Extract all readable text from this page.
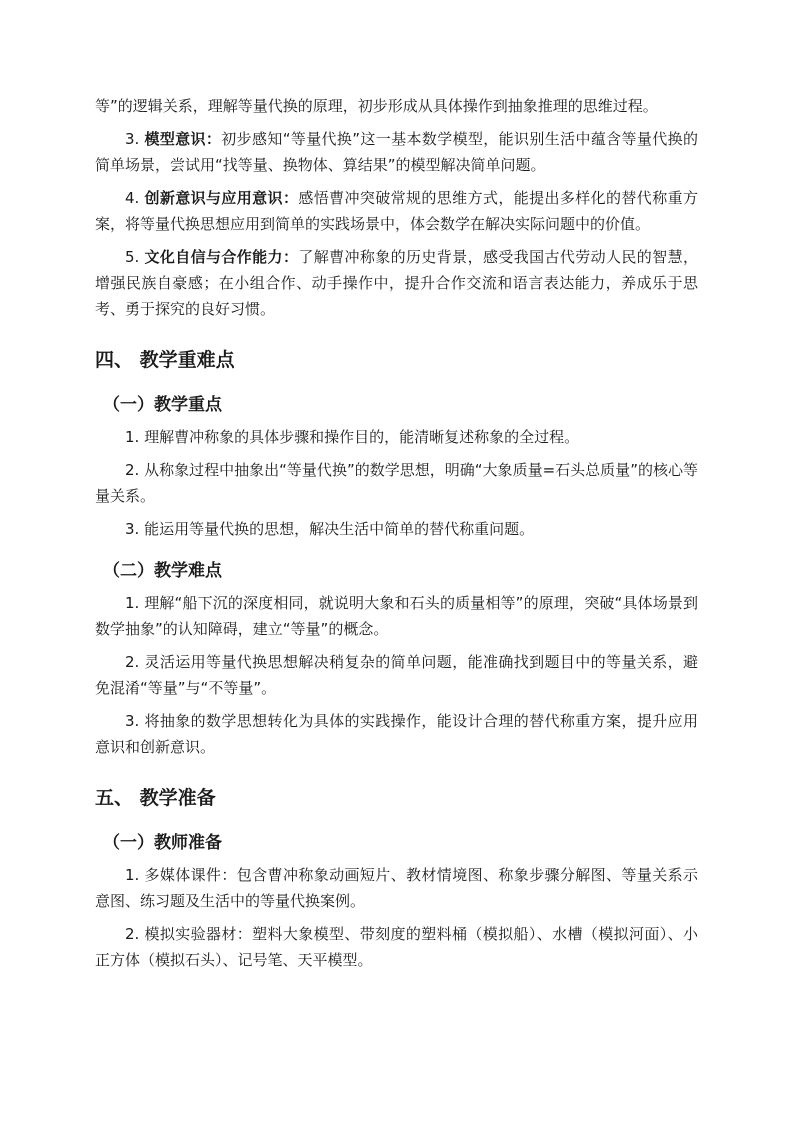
等”的逻辑关系，理解等量代换的原理，初步形成从具体操作到抽象推理的思维过程。

3. 模型意识：初步感知“等量代换”这一基本数学模型，能识别生活中蕴含等量代换的简单场景，尝试用“找等量、换物体、算结果”的模型解决简单问题。

4. 创新意识与应用意识：感悟曹冲突破常规的思维方式，能提出多样化的替代称重方案，将等量代换思想应用到简单的实践场景中，体会数学在解决实际问题中的价值。

5. 文化自信与合作能力：了解曹冲称象的历史背景，感受我国古代劳动人民的智慧，增强民族自豪感；在小组合作、动手操作中，提升合作交流和语言表达能力，养成乐于思考、勇于探究的良好习惯。

四、 教学重难点
（一）教学重点

1. 理解曹冲称象的具体步骤和操作目的，能清晰复述称象的全过程。

2. 从称象过程中抽象出“等量代换”的数学思想，明确“大象质量=石头总质量”的核心等量关系。

3. 能运用等量代换的思想，解决生活中简单的替代称重问题。

（二）教学难点

1. 理解“船下沉的深度相同，就说明大象和石头的质量相等”的原理，突破“具体场景到数学抽象”的认知障碍，建立“等量”的概念。

2. 灵活运用等量代换思想解决稍复杂的简单问题，能准确找到题目中的等量关系，避免混淆“等量”与“不等量”。

3. 将抽象的数学思想转化为具体的实践操作，能设计合理的替代称重方案，提升应用意识和创新意识。

五、 教学准备
（一）教师准备

1. 多媒体课件：包含曹冲称象动画短片、教材情境图、称象步骤分解图、等量关系示意图、练习题及生活中的等量代换案例。

2. 模拟实验器材：塑料大象模型、带刻度的塑料桶（模拟船）、水槽（模拟河面）、小正方体（模拟石头）、记号笔、天平模型。
